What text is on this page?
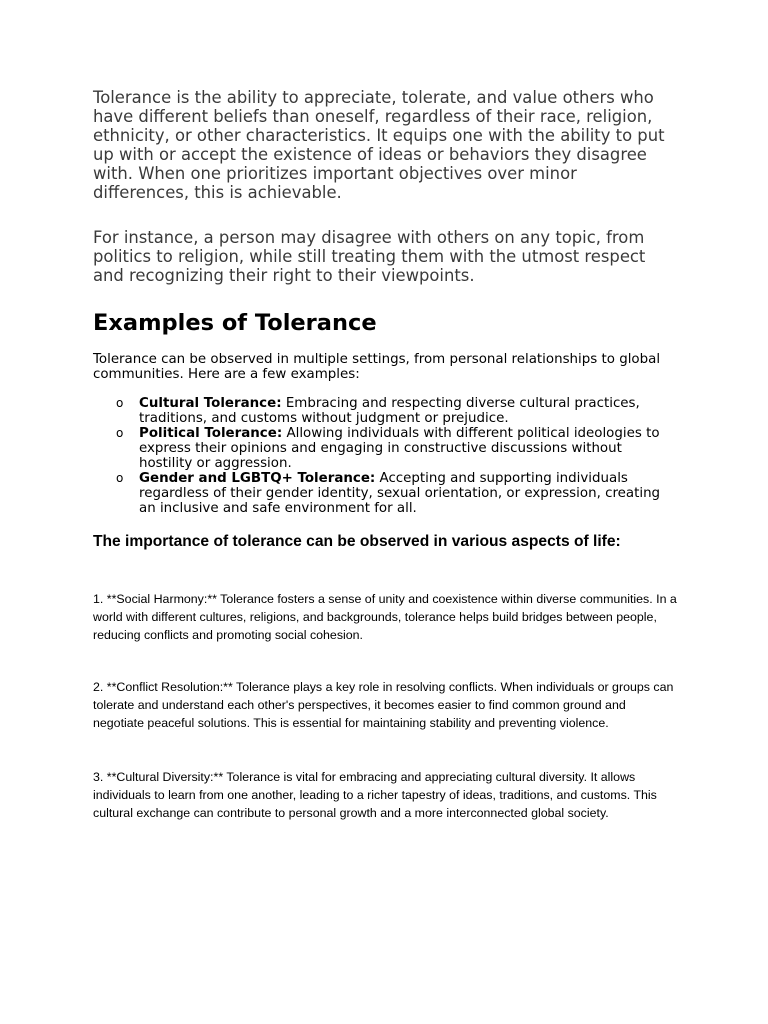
Tolerance is the ability to appreciate, tolerate, and value others who have different beliefs than oneself, regardless of their race, religion, ethnicity, or other characteristics. It equips one with the ability to put up with or accept the existence of ideas or behaviors they disagree with. When one prioritizes important objectives over minor differences, this is achievable.

For instance, a person may disagree with others on any topic, from politics to religion, while still treating them with the utmost respect and recognizing their right to their viewpoints.

Examples of Tolerance

Tolerance can be observed in multiple settings, from personal relationships to global communities. Here are a few examples:

o Cultural Tolerance: Embracing and respecting diverse cultural practices, traditions, and customs without judgment or prejudice.
o Political Tolerance: Allowing individuals with different political ideologies to express their opinions and engaging in constructive discussions without hostility or aggression.
o Gender and LGBTQ+ Tolerance: Accepting and supporting individuals regardless of their gender identity, sexual orientation, or expression, creating an inclusive and safe environment for all.
The importance of tolerance can be observed in various aspects of life:

1. **Social Harmony:** Tolerance fosters a sense of unity and coexistence within diverse communities. In a world with different cultures, religions, and backgrounds, tolerance helps build bridges between people, reducing conflicts and promoting social cohesion.

2. **Conflict Resolution:** Tolerance plays a key role in resolving conflicts. When individuals or groups can tolerate and understand each other's perspectives, it becomes easier to find common ground and negotiate peaceful solutions. This is essential for maintaining stability and preventing violence.

3. **Cultural Diversity:** Tolerance is vital for embracing and appreciating cultural diversity. It allows individuals to learn from one another, leading to a richer tapestry of ideas, traditions, and customs. This cultural exchange can contribute to personal growth and a more interconnected global society.
